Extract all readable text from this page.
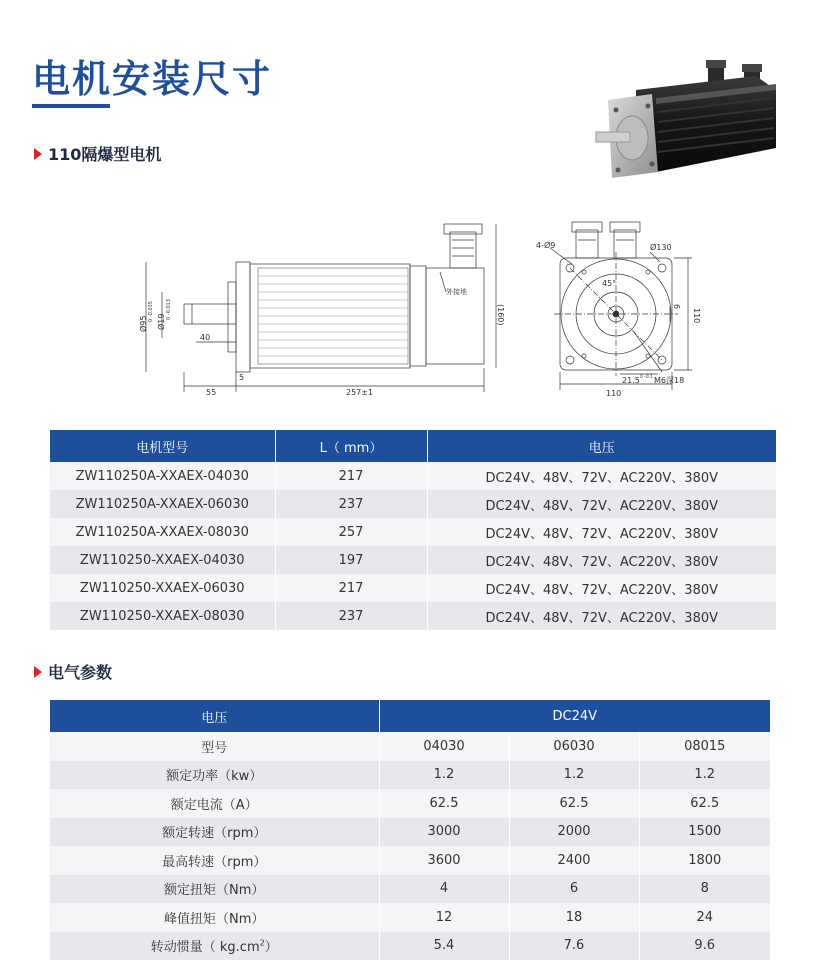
电机安装尺寸
110隔爆型电机
Ø95
0 -0.035 Ø19
0 -0.013
40
55
5
257±1
(160)
外接地
4-Ø9	Ø130
45°
110
110
6
21.5 0 -0.1 M6深18
电机型号	L（ mm）	电压
ZW110250A-XXAEX-04030	217	DC24V、48V、72V、AC220V、380V
ZW110250A-XXAEX-06030	237	DC24V、48V、72V、AC220V、380V
ZW110250A-XXAEX-08030	257	DC24V、48V、72V、AC220V、380V
ZW110250-XXAEX-04030	197	DC24V、48V、72V、AC220V、380V
ZW110250-XXAEX-06030	217	DC24V、48V、72V、AC220V、380V
ZW110250-XXAEX-08030	237	DC24V、48V、72V、AC220V、380V
电气参数
电压	DC24V		
型号	04030	06030	08015
额定功率（kw）	1.2	1.2	1.2
额定电流（A）	62.5	62.5	62.5
额定转速（rpm）	3000	2000	1500
最高转速（rpm）	3600	2400	1800
额定扭矩（Nm）	4	6	8
峰值扭矩（Nm）	12	18	24
转动惯量（ $kg.cm^2$）	5.4	7.6	9.6
